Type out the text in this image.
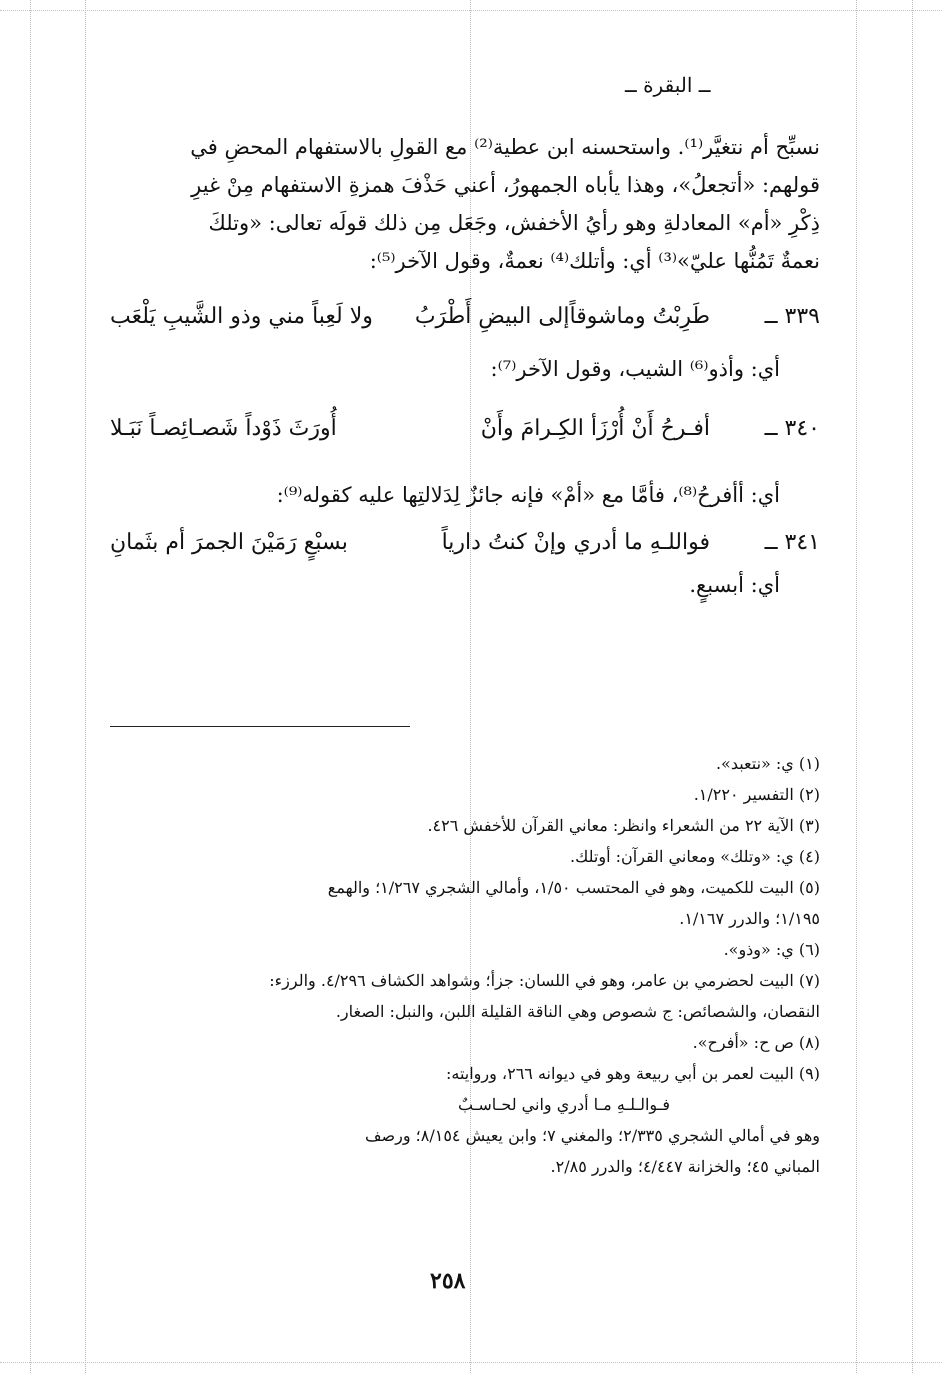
ــ البقرة ــ
نسبِّح أم نتغيَّر⁽¹⁾. واستحسنه ابن عطية⁽²⁾ مع القولِ بالاستفهام المحضِ في
قولهم: «أتجعلُ»، وهذا يأباه الجمهورُ، أعني حَذْفَ همزةِ الاستفهام مِنْ غيرِ
ذِكْرِ «أم» المعادلةِ وهو رأيُ الأخفش، وجَعَل مِن ذلك قولَه تعالى: «وتلكَ
نعمةٌ تَمُنُّها عليّ»⁽³⁾ أي: وأتلك⁽⁴⁾ نعمةٌ، وقول الآخر⁽⁵⁾:
٣٣٩ ــ
طَرِبْتُ وماشوقاًإلى البيضِ أَطْرَبُ
ولا لَعِباً مني وذو الشَّيبِ يَلْعَب
أي: وأذو⁽⁶⁾ الشيب، وقول الآخر⁽⁷⁾:
٣٤٠ ــ
أفـرحُ أَنْ أُرْزَأ الكِـرامَ وأَنْ
أُورَثَ ذَوْداً شَصـائِصـاً نَبَـلا
أي: أأفرحُ⁽⁸⁾، فأمَّا مع «أمْ» فإنه جائزٌ لِدَلالتِها عليه كقوله⁽⁹⁾:
٣٤١ ــ
فواللـهِ ما أدري وإنْ كنتُ دارياً
بسبْعٍ رَمَيْنَ الجمرَ أم بثَمانِ
أي: أبسبعٍ.
(١) ي: «نتعبد».
(٢) التفسير ١/٢٢٠.
(٣) الآية ٢٢ من الشعراء وانظر: معاني القرآن للأخفش ٤٢٦.
(٤) ي: «وتلك» ومعاني القرآن: أوتلك.
(٥) البيت للكميت، وهو في المحتسب ١/٥٠، وأمالي الشجري ١/٢٦٧؛ والهمع
١/١٩٥؛ والدرر ١/١٦٧.
(٦) ي: «وذو».
(٧) البيت لحضرمي بن عامر، وهو في اللسان: جزأ؛ وشواهد الكشاف ٤/٢٩٦. والرزء:
النقصان، والشصائص: ج شصوص وهي الناقة القليلة اللبن، والنبل: الصغار.
(٨) ص ح: «أفرح».
(٩) البيت لعمر بن أبي ربيعة وهو في ديوانه ٢٦٦، وروايته:
فـوالـلـهِ مـا أدري واني لحـاسـبٌ
وهو في أمالي الشجري ٢/٣٣٥؛ والمغني ٧؛ وابن يعيش ٨/١٥٤؛ ورصف
المباني ٤٥؛ والخزانة ٤/٤٤٧؛ والدرر ٢/٨٥.
٢٥٨
